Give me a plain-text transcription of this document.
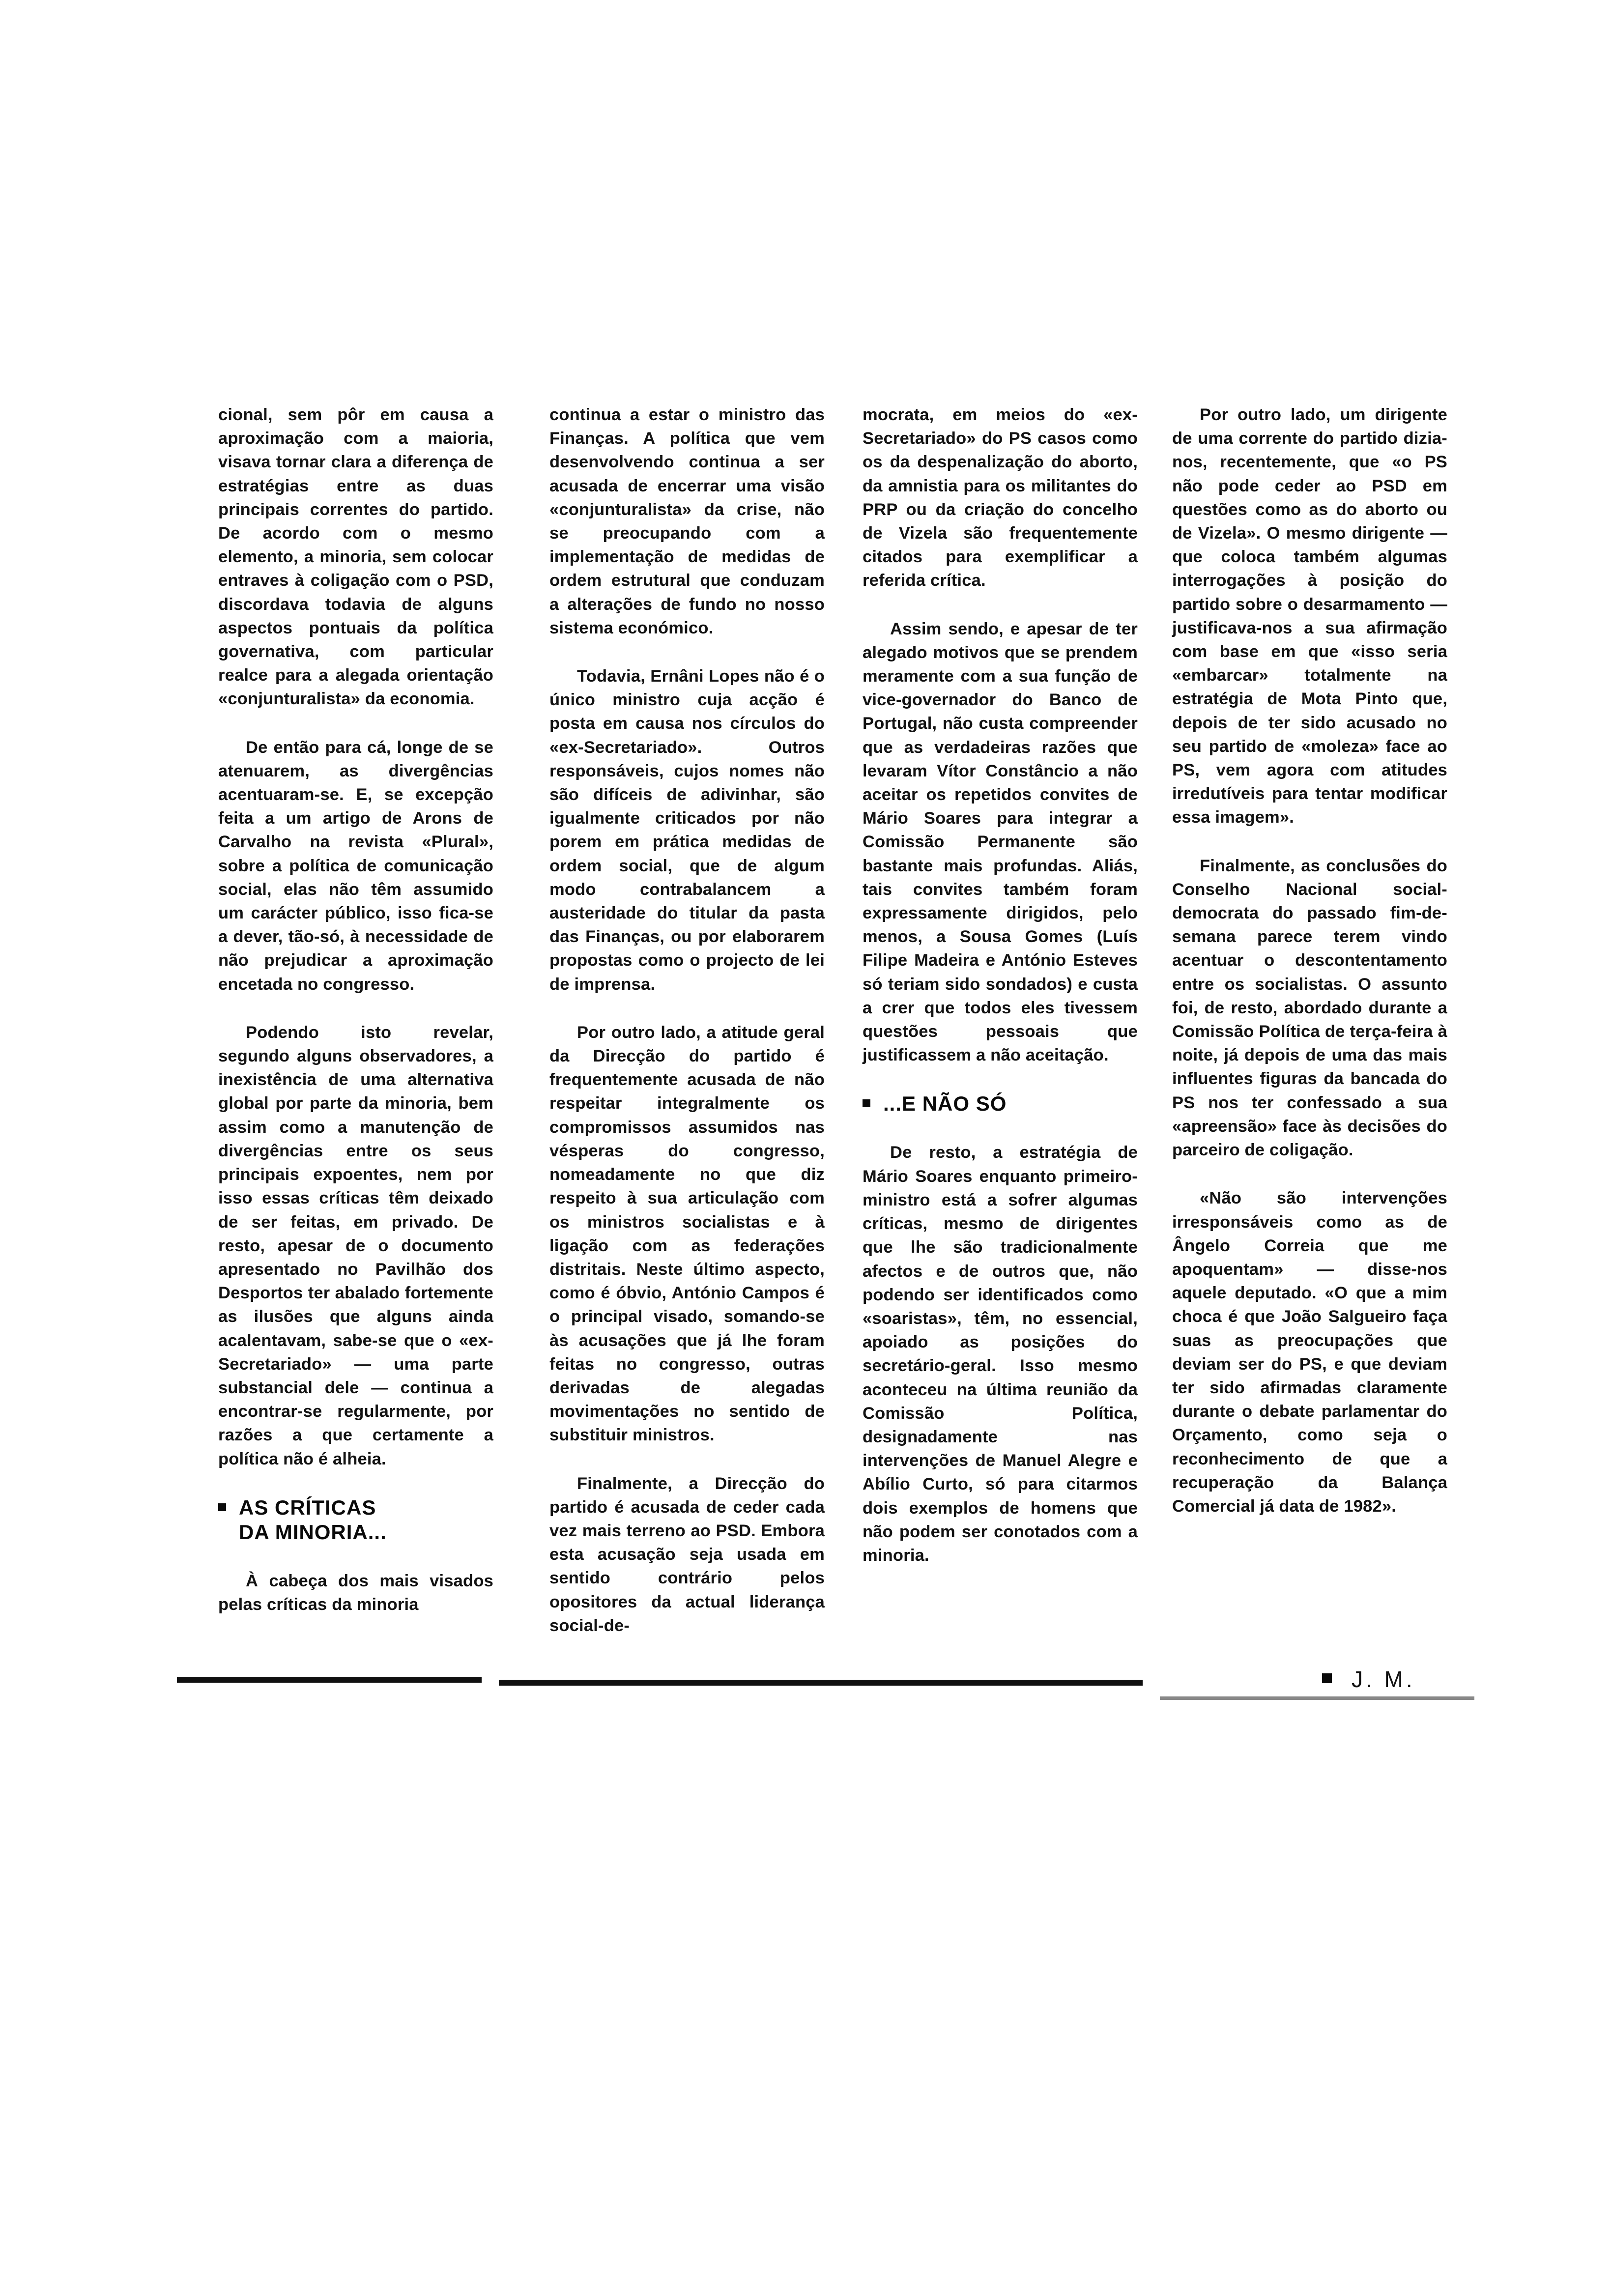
cional, sem pôr em causa a aproximação com a maioria, visava tornar clara a diferença de estratégias entre as duas principais correntes do partido. De acordo com o mesmo elemento, a minoria, sem colocar entraves à coligação com o PSD, discordava todavia de alguns aspectos pontuais da política governativa, com particular realce para a alegada orientação «conjunturalista» da economia.

De então para cá, longe de se atenuarem, as divergências acentuaram-se. E, se excepção feita a um artigo de Arons de Carvalho na revista «Plural», sobre a política de comunicação social, elas não têm assumido um carácter público, isso fica-se a dever, tão-só, à necessidade de não prejudicar a aproximação encetada no congresso.

Podendo isto revelar, segundo alguns observadores, a inexistência de uma alternativa global por parte da minoria, bem assim como a manutenção de divergências entre os seus principais expoentes, nem por isso essas críticas têm deixado de ser feitas, em privado. De resto, apesar de o documento apresentado no Pavilhão dos Desportos ter abalado fortemente as ilusões que alguns ainda acalentavam, sabe-se que o «ex-Secretariado» — uma parte substancial dele — continua a encontrar-se regularmente, por razões a que certamente a política não é alheia.

AS CRÍTICAS
DA MINORIA...

À cabeça dos mais visados pelas críticas da minoria

continua a estar o ministro das Finanças. A política que vem desenvolvendo continua a ser acusada de encerrar uma visão «conjunturalista» da crise, não se preocupando com a implementação de medidas de ordem estrutural que conduzam a alterações de fundo no nosso sistema económico.

Todavia, Ernâni Lopes não é o único ministro cuja acção é posta em causa nos círculos do «ex-Secretariado». Outros responsáveis, cujos nomes não são difíceis de adivinhar, são igualmente criticados por não porem em prática medidas de ordem social, que de algum modo contrabalancem a austeridade do titular da pasta das Finanças, ou por elaborarem propostas como o projecto de lei de imprensa.

Por outro lado, a atitude geral da Direcção do partido é frequentemente acusada de não respeitar integralmente os compromissos assumidos nas vésperas do congresso, nomeadamente no que diz respeito à sua articulação com os ministros socialistas e à ligação com as federações distritais. Neste último aspecto, como é óbvio, António Campos é o principal visado, somando-se às acusações que já lhe foram feitas no congresso, outras derivadas de alegadas movimentações no sentido de substituir ministros.

Finalmente, a Direcção do partido é acusada de ceder cada vez mais terreno ao PSD. Embora esta acusação seja usada em sentido contrário pelos opositores da actual liderança social-de-

mocrata, em meios do «ex-Secretariado» do PS casos como os da despenalização do aborto, da amnistia para os militantes do PRP ou da criação do concelho de Vizela são frequentemente citados para exemplificar a referida crítica.

Assim sendo, e apesar de ter alegado motivos que se prendem meramente com a sua função de vice-governador do Banco de Portugal, não custa compreender que as verdadeiras razões que levaram Vítor Constâncio a não aceitar os repetidos convites de Mário Soares para integrar a Comissão Permanente são bastante mais profundas. Aliás, tais convites também foram expressamente dirigidos, pelo menos, a Sousa Gomes (Luís Filipe Madeira e António Esteves só teriam sido sondados) e custa a crer que todos eles tivessem questões pessoais que justificassem a não aceitação.

...E NÃO SÓ

De resto, a estratégia de Mário Soares enquanto primeiro-ministro está a sofrer algumas críticas, mesmo de dirigentes que lhe são tradicionalmente afectos e de outros que, não podendo ser identificados como «soaristas», têm, no essencial, apoiado as posições do secretário-geral. Isso mesmo aconteceu na última reunião da Comissão Política, designadamente nas intervenções de Manuel Alegre e Abílio Curto, só para citarmos dois exemplos de homens que não podem ser conotados com a minoria.

Por outro lado, um dirigente de uma corrente do partido dizia-nos, recentemente, que «o PS não pode ceder ao PSD em questões como as do aborto ou de Vizela». O mesmo dirigente — que coloca também algumas interrogações à posição do partido sobre o desarmamento — justificava-nos a sua afirmação com base em que «isso seria «embarcar» totalmente na estratégia de Mota Pinto que, depois de ter sido acusado no seu partido de «moleza» face ao PS, vem agora com atitudes irredutíveis para tentar modificar essa imagem».

Finalmente, as conclusões do Conselho Nacional social-democrata do passado fim-de-semana parece terem vindo acentuar o descontentamento entre os socialistas. O assunto foi, de resto, abordado durante a Comissão Política de terça-feira à noite, já depois de uma das mais influentes figuras da bancada do PS nos ter confessado a sua «apreensão» face às decisões do parceiro de coligação.

«Não são intervenções irresponsáveis como as de Ângelo Correia que me apoquentam» — disse-nos aquele deputado. «O que a mim choca é que João Salgueiro faça suas as preocupações que deviam ser do PS, e que deviam ter sido afirmadas claramente durante o debate parlamentar do Orçamento, como seja o reconhecimento de que a recuperação da Balança Comercial já data de 1982».

J. M.
